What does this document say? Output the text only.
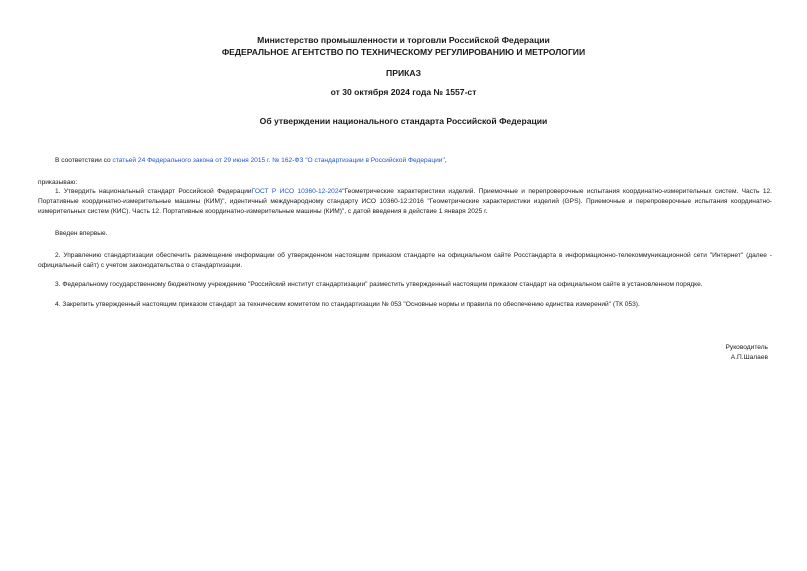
Министерство промышленности и торговли Российской Федерации
ФЕДЕРАЛЬНОЕ АГЕНТСТВО ПО ТЕХНИЧЕСКОМУ РЕГУЛИРОВАНИЮ И МЕТРОЛОГИИ
ПРИКАЗ
от 30 октября 2024 года № 1557-ст
Об утверждении национального стандарта Российской Федерации
В соответствии со статьей 24 Федерального закона от 29 июня 2015 г. № 162-ФЗ "О стандартизации в Российской Федерации",
приказываю:
1. Утвердить национальный стандарт Российской ФедерацииГОСТ Р ИСО 10360-12-2024"Геометрические характеристики изделий. Приемочные и перепроверочные испытания координатно-измерительных систем. Часть 12. Портативные координатно-измерительные машины (КИМ)", идентичный международному стандарту ИСО 10360-12:2016 "Геометрические характеристики изделий (GPS). Приемочные и перепроверочные испытания координатно-измерительных систем (КИС). Часть 12. Портативные координатно-измерительные машины (КИМ)", с датой введения в действие 1 января 2025 г.
Введен впервые.
2. Управлению стандартизации обеспечить размещение информации об утвержденном настоящим приказом стандарте на официальном сайте Росстандарта в информационно-телекоммуникационной сети "Интернет" (далее - официальный сайт) с учетом законодательства о стандартизации.
3. Федеральному государственному бюджетному учреждению "Российский институт стандартизации" разместить утвержденный настоящим приказом стандарт на официальном сайте в установленном порядке.
4. Закрепить утвержденный настоящим приказом стандарт за техническим комитетом по стандартизации № 053 "Основные нормы и правила по обеспечению единства измерений" (ТК 053).
Руководитель
А.П.Шалаев
